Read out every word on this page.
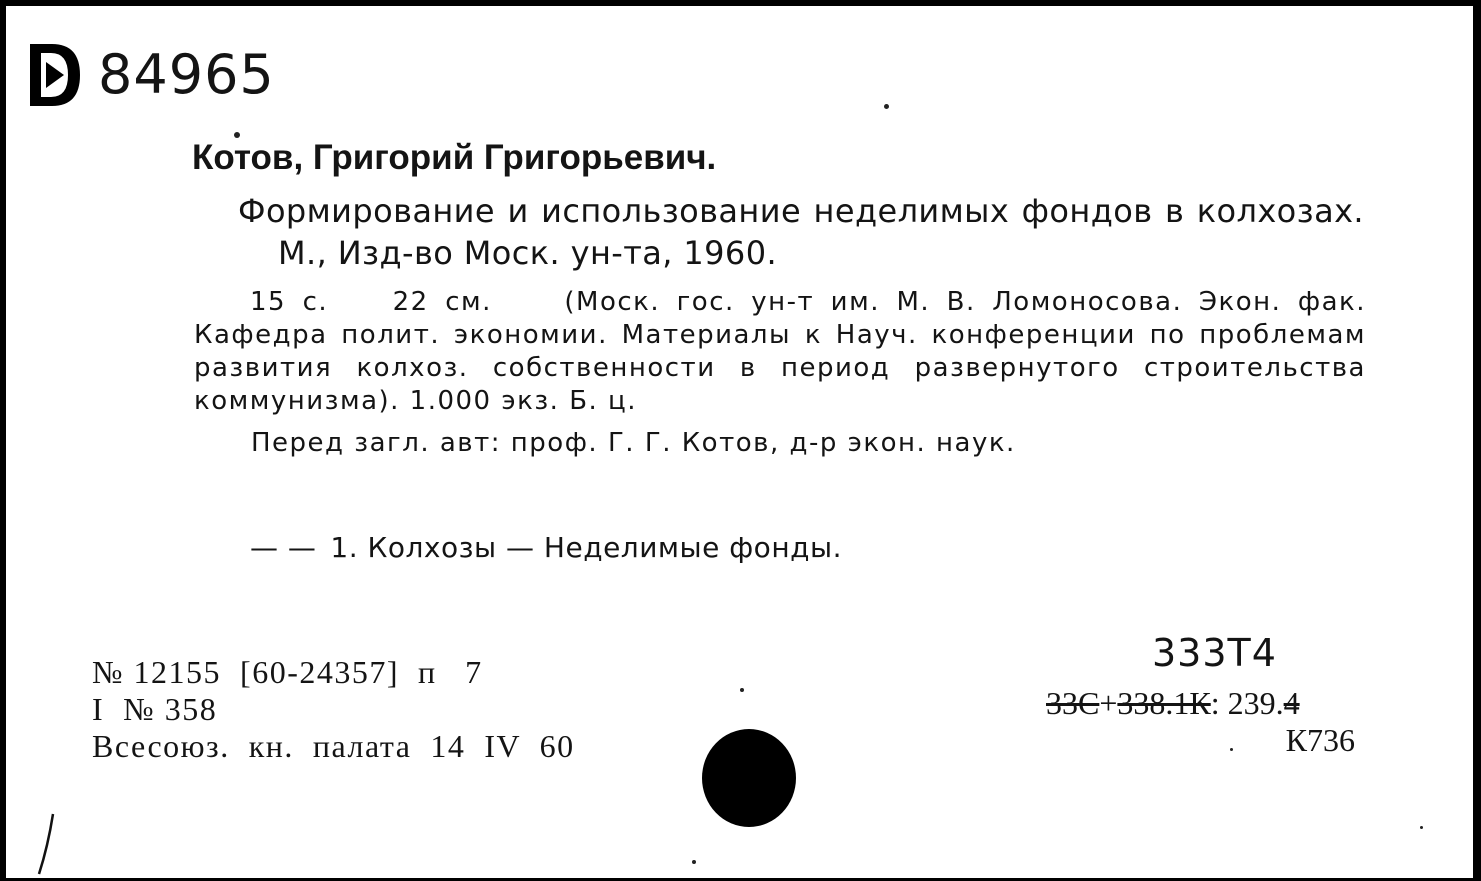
84965
Котов, Григорий Григорьевич.
Формирование и использование неделимых фондов в колхозах. М., Изд-во Моск. ун-та, 1960.
15 с. 22 см.	(Моск. гос. ун-т им. М. В. Ломоносова. Экон. фак. Кафедра полит. экономии. Материалы к Науч. конференции по проблемам развития колхоз. собственности в период развернутого строительства коммунизма). 1.000 экз. Б. ц.
Перед загл. авт: проф. Г. Г. Котов, д-р экон. наук.
— — 1. Колхозы — Неделимые фонды.
№ 12155  [60-24357]  п   7
I  № 358
Всесоюз.  кн.  палата  14  IV  60
333Т4
33С+338.1К: 239.4
К736
